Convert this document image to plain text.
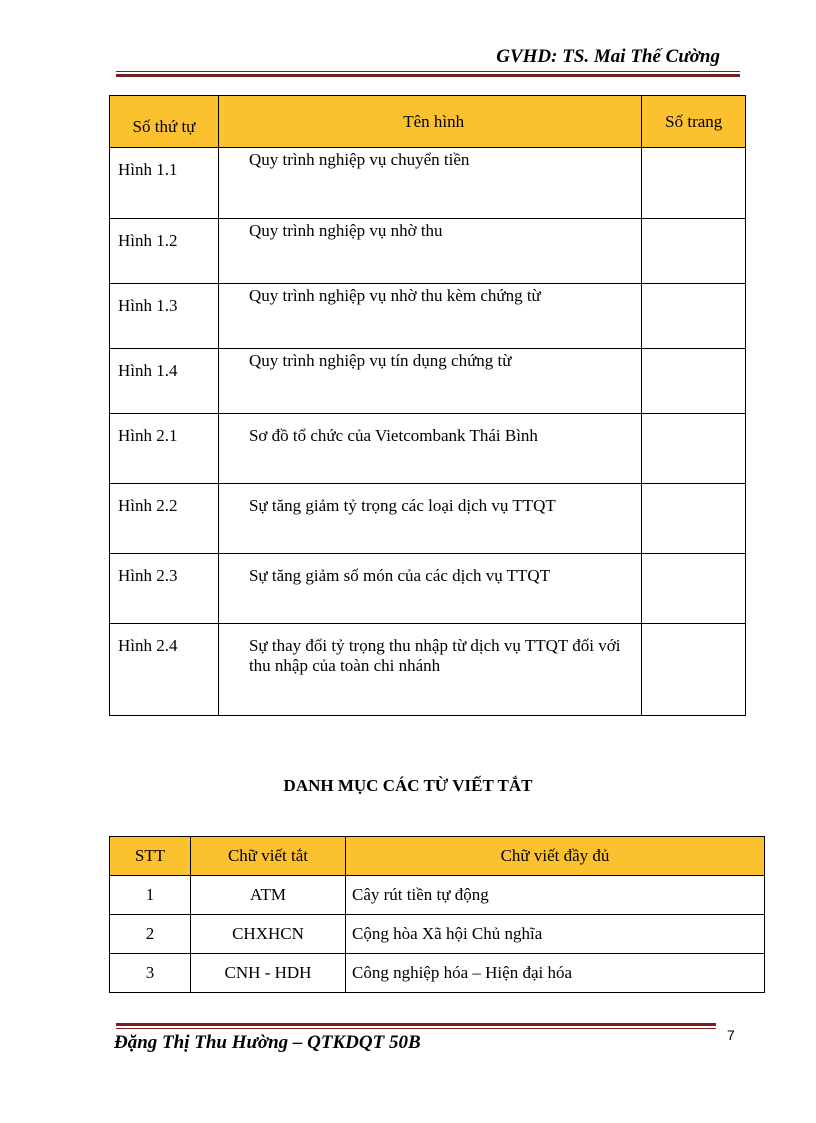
GVHD: TS. Mai Thế Cường
Số thứ tự	Tên hình	Số trang
Hình 1.1	Quy trình nghiệp vụ chuyển tiền	
Hình 1.2	Quy trình nghiệp vụ nhờ thu	
Hình 1.3	Quy trình nghiệp vụ nhờ thu kèm chứng từ	
Hình 1.4	Quy trình nghiệp vụ tín dụng chứng từ	
Hình 2.1	Sơ đồ tổ chức của Vietcombank Thái Bình	
Hình 2.2	Sự tăng giảm tỷ trọng các loại dịch vụ TTQT	
Hình 2.3	Sự tăng giảm số món của các dịch vụ TTQT	
Hình 2.4	Sự thay đổi tỷ trọng thu nhập từ dịch vụ TTQT đối với thu nhập của toàn chi nhánh	
DANH MỤC CÁC TỪ VIẾT TẮT
STT	Chữ viết tắt	Chữ viết đầy đủ
1	ATM	Cây rút tiền tự động
2	CHXHCN	Cộng hòa Xã hội Chủ nghĩa
3	CNH - HDH	Công nghiệp hóa – Hiện đại hóa
Đặng Thị Thu Hường – QTKDQT 50B	7
